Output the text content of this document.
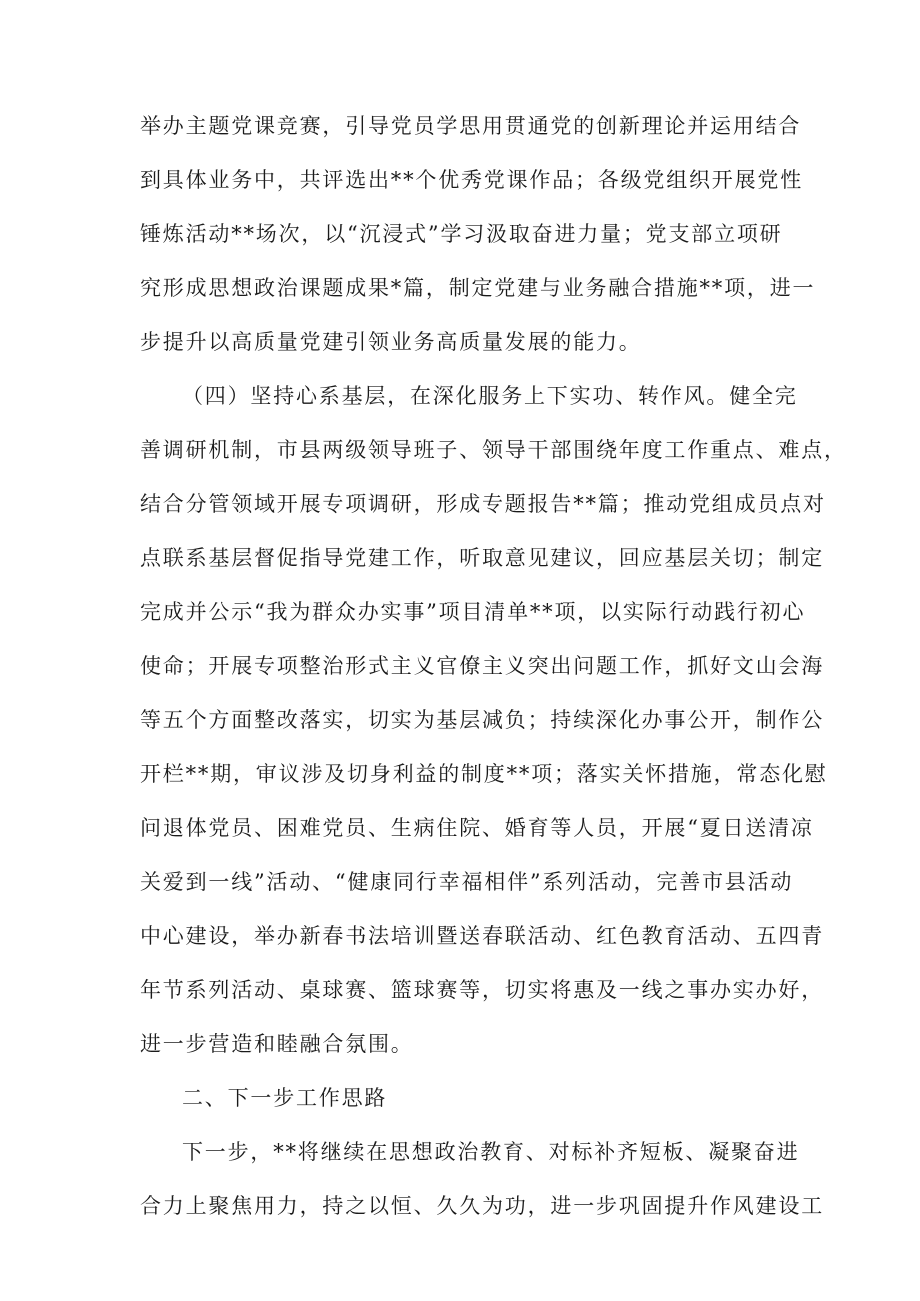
举办主题党课竞赛，引导党员学思用贯通党的创新理论并运用结合
到具体业务中，共评选出**个优秀党课作品；各级党组织开展党性
锤炼活动**场次，以“沉浸式”学习汲取奋进力量；党支部立项研
究形成思想政治课题成果*篇，制定党建与业务融合措施**项，进一
步提升以高质量党建引领业务高质量发展的能力。
（四）坚持心系基层，在深化服务上下实功、转作风。健全完
善调研机制，市县两级领导班子、领导干部围绕年度工作重点、难点，
结合分管领域开展专项调研，形成专题报告**篇；推动党组成员点对
点联系基层督促指导党建工作，听取意见建议，回应基层关切；制定
完成并公示“我为群众办实事”项目清单**项，以实际行动践行初心
使命；开展专项整治形式主义官僚主义突出问题工作，抓好文山会海
等五个方面整改落实，切实为基层减负；持续深化办事公开，制作公
开栏**期，审议涉及切身利益的制度**项；落实关怀措施，常态化慰
问退体党员、困难党员、生病住院、婚育等人员，开展“夏日送清凉
关爱到一线”活动、“健康同行幸福相伴”系列活动，完善市县活动
中心建设，举办新春书法培训暨送春联活动、红色教育活动、五四青
年节系列活动、桌球赛、篮球赛等，切实将惠及一线之事办实办好，
进一步营造和睦融合氛围。
二、下一步工作思路
下一步，**将继续在思想政治教育、对标补齐短板、凝聚奋进
合力上聚焦用力，持之以恒、久久为功，进一步巩固提升作风建设工
